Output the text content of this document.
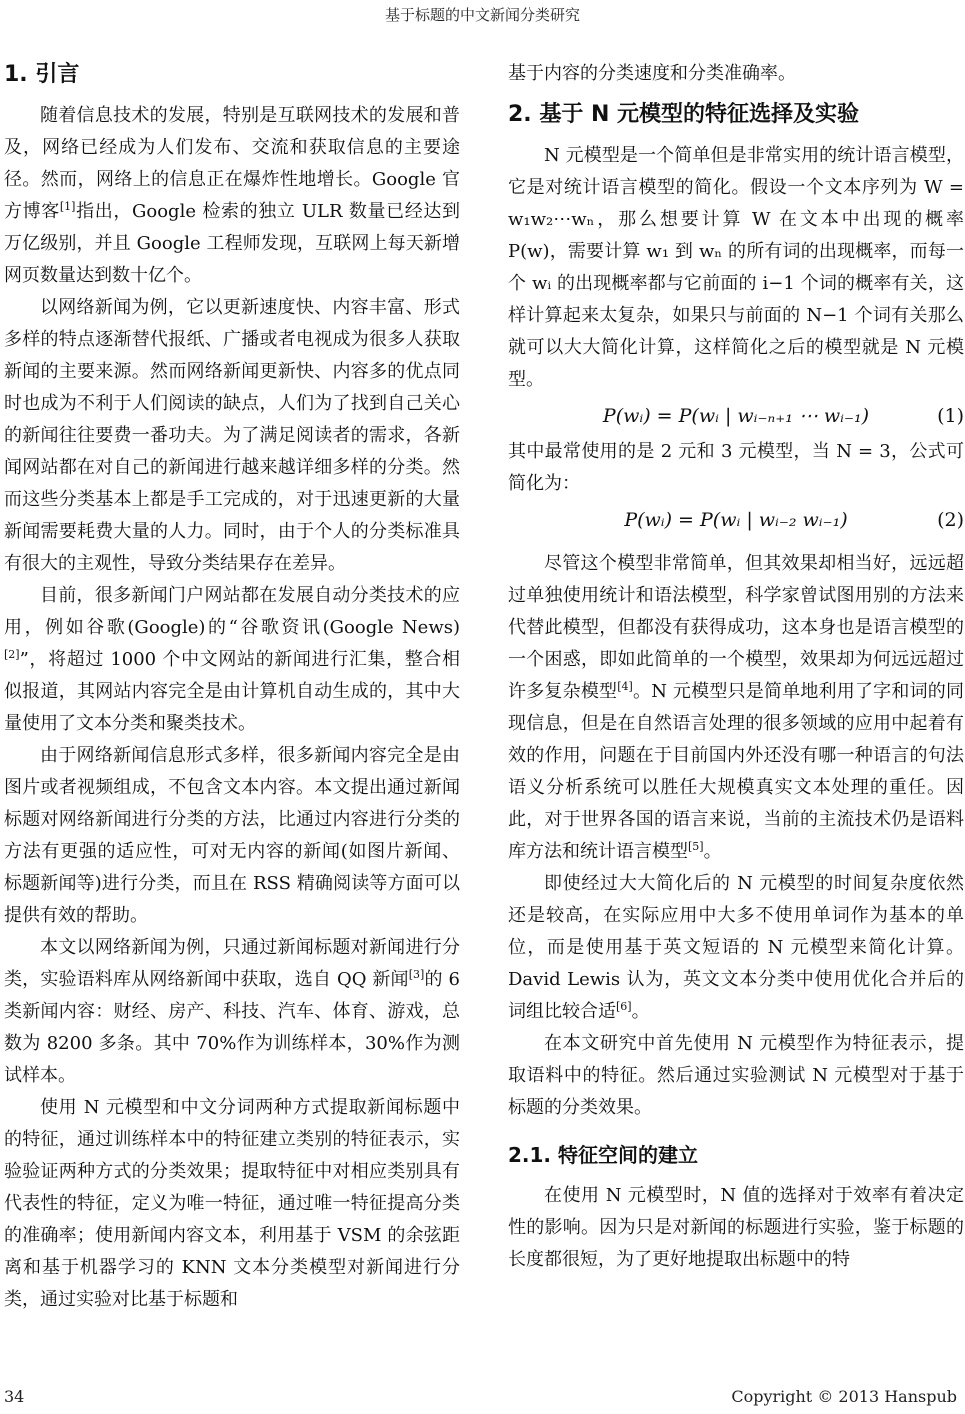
基于标题的中文新闻分类研究
1. 引言

随着信息技术的发展，特别是互联网技术的发展和普及，网络已经成为人们发布、交流和获取信息的主要途径。然而，网络上的信息正在爆炸性地增长。Google 官方博客[1]指出，Google 检索的独立 ULR 数量已经达到万亿级别，并且 Google 工程师发现，互联网上每天新增网页数量达到数十亿个。

以网络新闻为例，它以更新速度快、内容丰富、形式多样的特点逐渐替代报纸、广播或者电视成为很多人获取新闻的主要来源。然而网络新闻更新快、内容多的优点同时也成为不利于人们阅读的缺点，人们为了找到自己关心的新闻往往要费一番功夫。为了满足阅读者的需求，各新闻网站都在对自己的新闻进行越来越详细多样的分类。然而这些分类基本上都是手工完成的，对于迅速更新的大量新闻需要耗费大量的人力。同时，由于个人的分类标准具有很大的主观性，导致分类结果存在差异。

目前，很多新闻门户网站都在发展自动分类技术的应用，例如谷歌(Google)的“谷歌资讯(Google News)[2]”，将超过 1000 个中文网站的新闻进行汇集，整合相似报道，其网站内容完全是由计算机自动生成的，其中大量使用了文本分类和聚类技术。

由于网络新闻信息形式多样，很多新闻内容完全是由图片或者视频组成，不包含文本内容。本文提出通过新闻标题对网络新闻进行分类的方法，比通过内容进行分类的方法有更强的适应性，可对无内容的新闻(如图片新闻、标题新闻等)进行分类，而且在 RSS 精确阅读等方面可以提供有效的帮助。

本文以网络新闻为例，只通过新闻标题对新闻进行分类，实验语料库从网络新闻中获取，选自 QQ 新闻[3]的 6 类新闻内容：财经、房产、科技、汽车、体育、游戏，总数为 8200 多条。其中 70%作为训练样本，30%作为测试样本。

使用 N 元模型和中文分词两种方式提取新闻标题中的特征，通过训练样本中的特征建立类别的特征表示，实验验证两种方式的分类效果；提取特征中对相应类别具有代表性的特征，定义为唯一特征，通过唯一特征提高分类的准确率；使用新闻内容文本，利用基于 VSM 的余弦距离和基于机器学习的 KNN 文本分类模型对新闻进行分类，通过实验对比基于标题和

基于内容的分类速度和分类准确率。

2. 基于 N 元模型的特征选择及实验

N 元模型是一个简单但是非常实用的统计语言模型，它是对统计语言模型的简化。假设一个文本序列为 W = w₁w₂⋯wₙ，那么想要计算 W 在文本中出现的概率 P(w)，需要计算 w₁ 到 wₙ 的所有词的出现概率，而每一个 wᵢ 的出现概率都与它前面的 i−1 个词的概率有关，这样计算起来太复杂，如果只与前面的 N−1 个词有关那么就可以大大简化计算，这样简化之后的模型就是 N 元模型。

P(wᵢ) = P(wᵢ | wᵢ₋ₙ₊₁ ⋯ wᵢ₋₁)	(1)

其中最常使用的是 2 元和 3 元模型，当 N = 3，公式可简化为：

P(wᵢ) = P(wᵢ | wᵢ₋₂ wᵢ₋₁)	(2)

尽管这个模型非常简单，但其效果却相当好，远远超过单独使用统计和语法模型，科学家曾试图用别的方法来代替此模型，但都没有获得成功，这本身也是语言模型的一个困惑，即如此简单的一个模型，效果却为何远远超过许多复杂模型[4]。N 元模型只是简单地利用了字和词的同现信息，但是在自然语言处理的很多领域的应用中起着有效的作用，问题在于目前国内外还没有哪一种语言的句法语义分析系统可以胜任大规模真实文本处理的重任。因此，对于世界各国的语言来说，当前的主流技术仍是语料库方法和统计语言模型[5]。

即使经过大大简化后的 N 元模型的时间复杂度依然还是较高，在实际应用中大多不使用单词作为基本的单位，而是使用基于英文短语的 N 元模型来简化计算。David Lewis 认为，英文文本分类中使用优化合并后的词组比较合适[6]。

在本文研究中首先使用 N 元模型作为特征表示，提取语料中的特征。然后通过实验测试 N 元模型对于基于标题的分类效果。

2.1. 特征空间的建立

在使用 N 元模型时，N 值的选择对于效率有着决定性的影响。因为只是对新闻的标题进行实验，鉴于标题的长度都很短，为了更好地提取出标题中的特

34	Copyright © 2013 Hanspub
